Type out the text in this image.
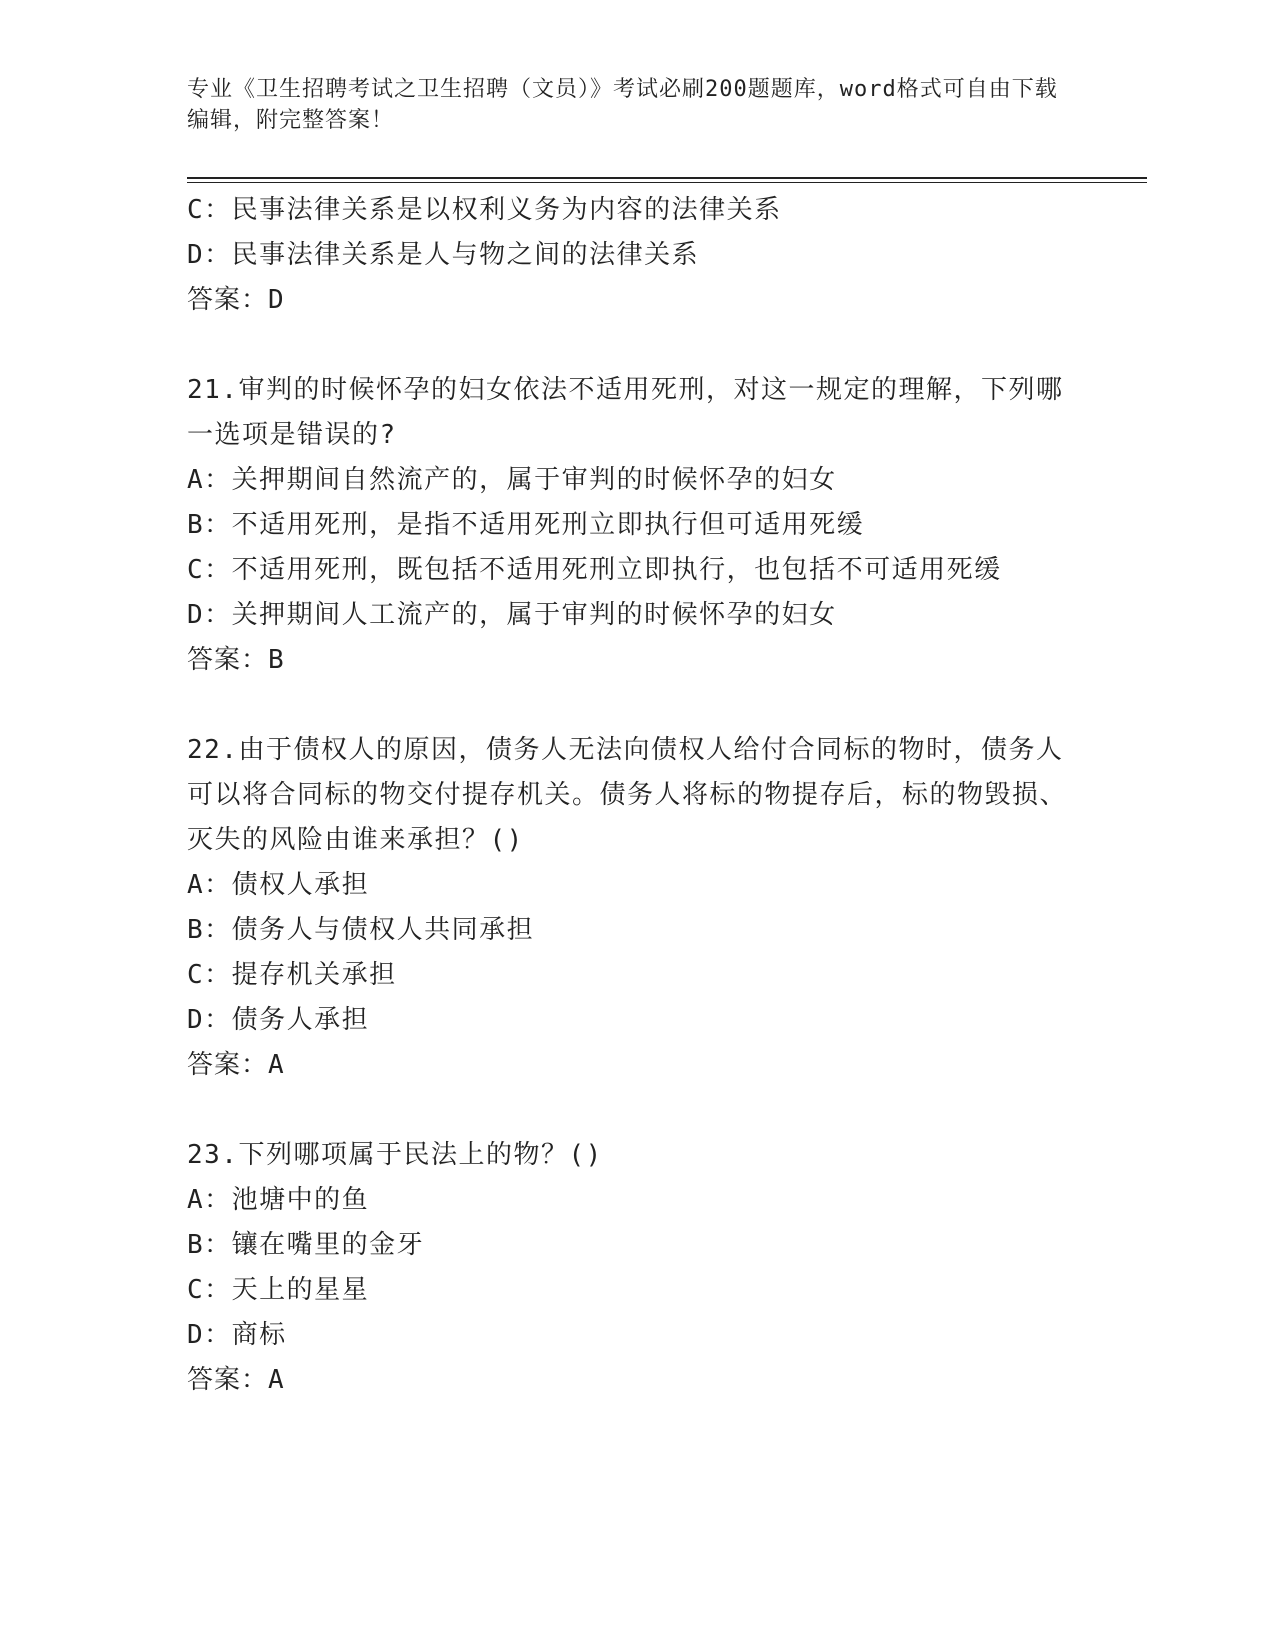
专业《卫生招聘考试之卫生招聘（文员）》考试必刷200题题库，word格式可自由下载编辑，附完整答案！
C：民事法律关系是以权利义务为内容的法律关系
D：民事法律关系是人与物之间的法律关系
答案：D
21.审判的时候怀孕的妇女依法不适用死刑，对这一规定的理解，下列哪一选项是错误的?
A：关押期间自然流产的，属于审判的时候怀孕的妇女
B：不适用死刑，是指不适用死刑立即执行但可适用死缓
C：不适用死刑，既包括不适用死刑立即执行，也包括不可适用死缓
D：关押期间人工流产的，属于审判的时候怀孕的妇女
答案：B
22.由于债权人的原因，债务人无法向债权人给付合同标的物时，债务人可以将合同标的物交付提存机关。债务人将标的物提存后，标的物毁损、灭失的风险由谁来承担？()
A：债权人承担
B：债务人与债权人共同承担
C：提存机关承担
D：债务人承担
答案：A
23.下列哪项属于民法上的物？()
A：池塘中的鱼
B：镶在嘴里的金牙
C：天上的星星
D：商标
答案：A
